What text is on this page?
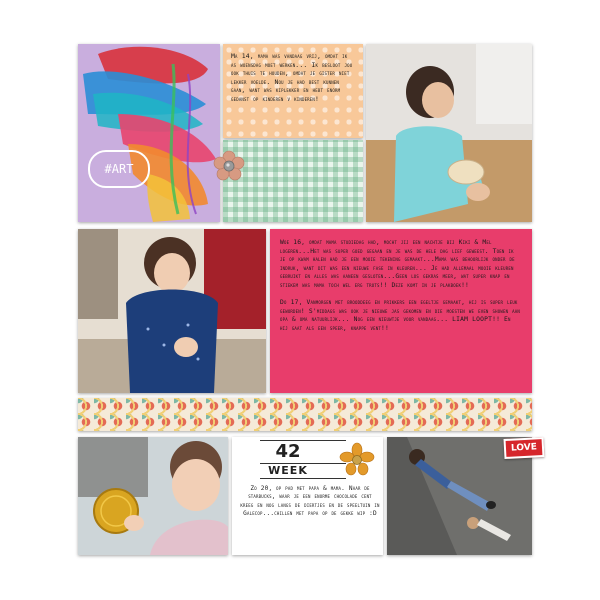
#ART

Ma 14, mama was vandaag vrij, omdat ik as woensdag moet werken... Ik besloot jou ook thuis te houden, omdat je gister niet lekker voelde. Nou je had best kunnen gaan, want was kiplekker en hebt enorm gedanst op kinderen v kinderen!

Woe 16, omdat mama studiedag had, mocht jij een nachtje bij Kiki & Mel logeren...Het was super goed gegaan en je was de hele dag lief geweest. Toen ik je op kwam halen had je een mooie tekening gemaakt...Mama was behoorlijk onder de indruk, want dit was een nieuwe fase in kleuren... Je had allemaal mooie kleuren gebruikt en alles was aaneen gesloten...Geen los gekras meer, wat super knap en stiekem was mama toch wel erg trots!! Deze komt in je plakboek!!

Do 17, Vanmorgen met brooddeeg en prikkers een egeltje gemaakt, hij is super leuk geworden! S'middags was ook je nieuwe jas gekomen en die moesten we even showen aan opa & oma natuurlijk... Nog een nieuwtje voor vandaag... LIAM LOOPT!! En hij gaat als een speer, knappe vent!!

42
WEEK

Zo 20, op pad met papa & mama. Naar de starbucks, waar je een enorme chocolade cent kreeg en nog langs de diertjes en de speeltuin in Galecop...chillen met papa op de gekke wip :D

LOVE
